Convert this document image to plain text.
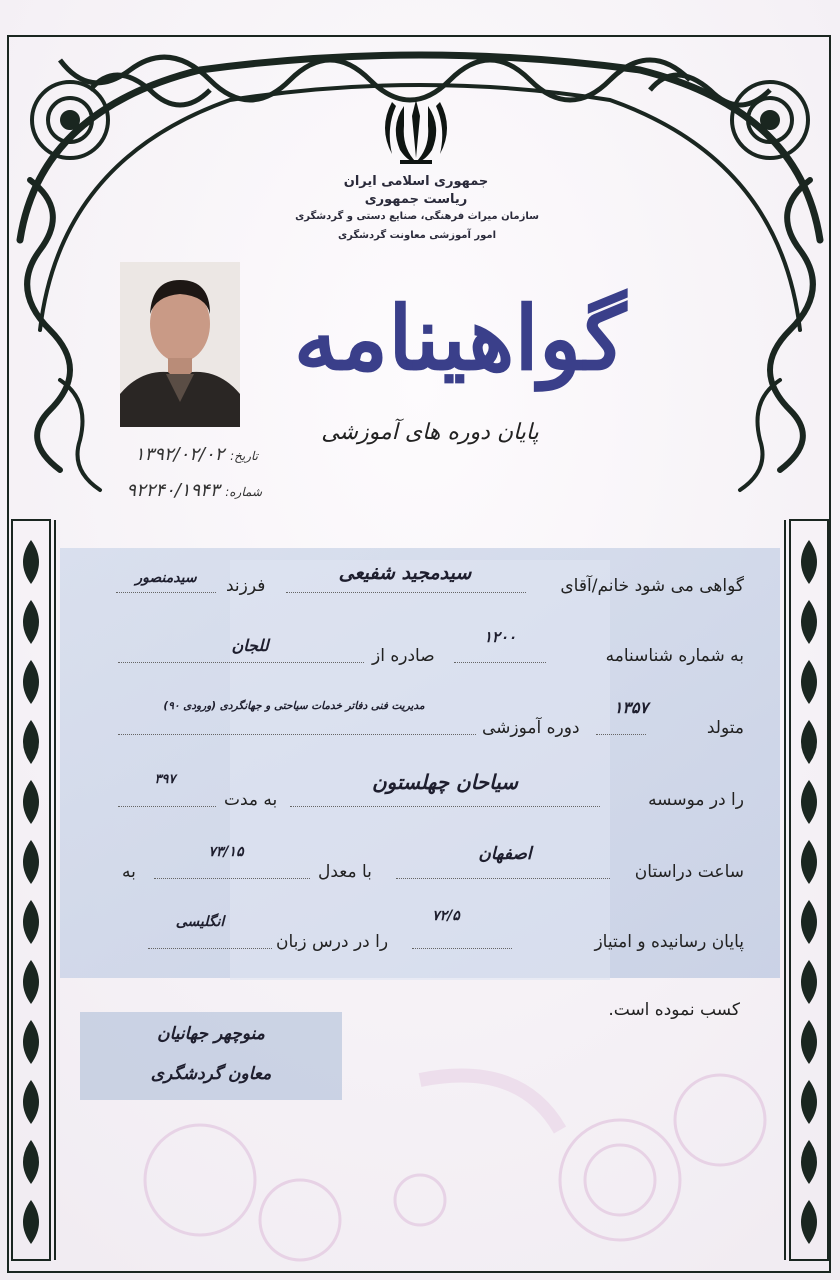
جمهوری اسلامی ایران
ریاست جمهوری
سازمان میراث فرهنگی، صنایع دستی و گردشگری
امور آموزشی معاونت گردشگری
گواهینامه
پایان دوره های آموزشی
تاریخ: ۱۳۹۲/۰۲/۰۲
شماره: ۹۲۲۴۰/۱۹۴۳
گواهی می شود خانم/آقای
سیدمجید شفیعی
فرزند
سیدمنصور
به شماره شناسنامه
۱۲۰۰
صادره از
للجان
متولد
۱۳۵۷
دوره آموزشی
مدیریت فنی دفاتر خدمات سیاحتی و جهانگردی (ورودی ۹۰)
را در موسسه
سیاحان چهلستون
به مدت
۳۹۷
ساعت دراستان
اصفهان
با معدل
۷۳/۱۵
به
پایان رسانیده و امتیاز
۷۲/۵
را در درس زبان
انگلیسی
کسب نموده است.
منوچهر جهانیان
معاون گردشگری
